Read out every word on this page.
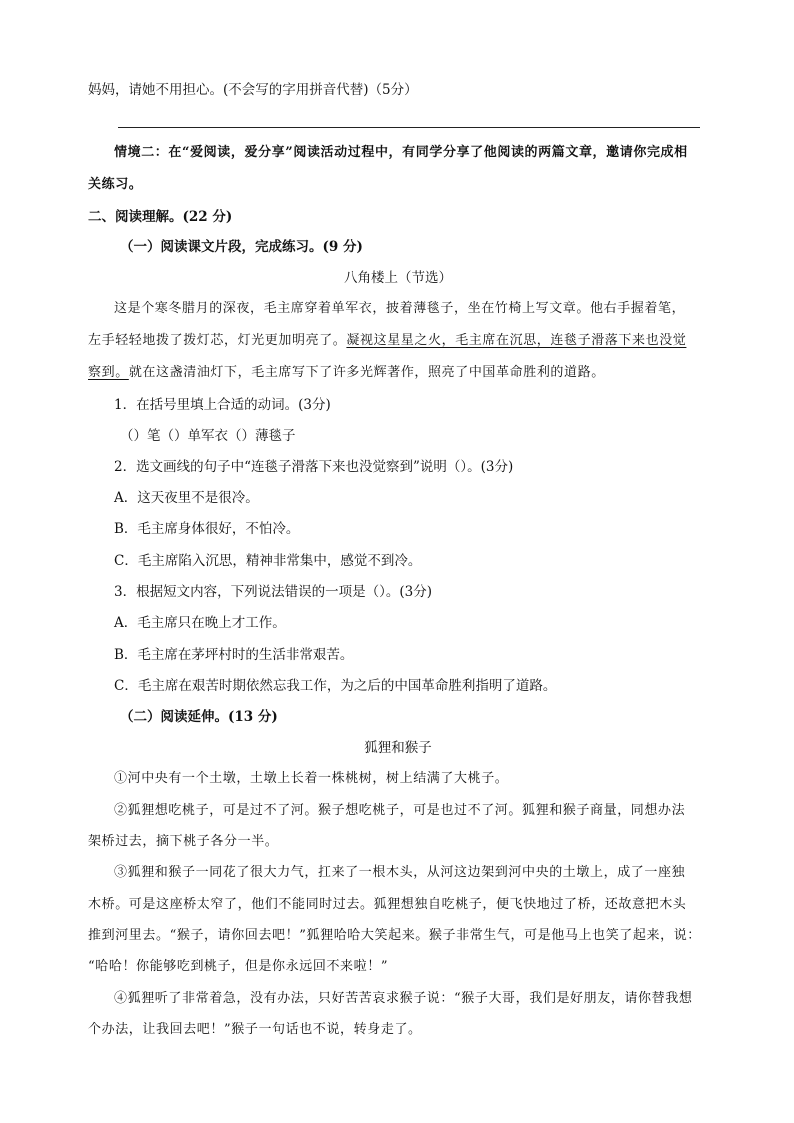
妈妈，请她不用担心。(不会写的字用拼音代替)（5分）
情境二：在“爱阅读，爱分享”阅读活动过程中，有同学分享了他阅读的两篇文章，邀请你完成相
关练习。
二、阅读理解。(22 分)
（一）阅读课文片段，完成练习。(9 分)
八角楼上（节选）
这是个寒冬腊月的深夜，毛主席穿着单军衣，披着薄毯子，坐在竹椅上写文章。他右手握着笔，
左手轻轻地拨了拨灯芯，灯光更加明亮了。凝视这星星之火，毛主席在沉思，连毯子滑落下来也没觉
察到。就在这盏清油灯下，毛主席写下了许多光辉著作，照亮了中国革命胜利的道路。
1．在括号里填上合适的动词。(3分)
（）笔（）单军衣（）薄毯子
2．选文画线的句子中“连毯子滑落下来也没觉察到”说明（）。(3分)
A．这天夜里不是很冷。
B．毛主席身体很好，不怕冷。
C．毛主席陷入沉思，精神非常集中，感觉不到冷。
3．根据短文内容，下列说法错误的一项是（）。(3分)
A．毛主席只在晚上才工作。
B．毛主席在茅坪村时的生活非常艰苦。
C．毛主席在艰苦时期依然忘我工作，为之后的中国革命胜利指明了道路。
（二）阅读延伸。(13 分)
狐狸和猴子
①河中央有一个土墩，土墩上长着一株桃树，树上结满了大桃子。
②狐狸想吃桃子，可是过不了河。猴子想吃桃子，可是也过不了河。狐狸和猴子商量，同想办法
架桥过去，摘下桃子各分一半。
③狐狸和猴子一同花了很大力气，扛来了一根木头，从河这边架到河中央的土墩上，成了一座独
木桥。可是这座桥太窄了，他们不能同时过去。狐狸想独自吃桃子，便飞快地过了桥，还故意把木头
推到河里去。“猴子，请你回去吧！”狐狸哈哈大笑起来。猴子非常生气，可是他马上也笑了起来，说：
“哈哈！你能够吃到桃子，但是你永远回不来啦！”
④狐狸听了非常着急，没有办法，只好苦苦哀求猴子说：“猴子大哥，我们是好朋友，请你替我想
个办法，让我回去吧！”猴子一句话也不说，转身走了。
